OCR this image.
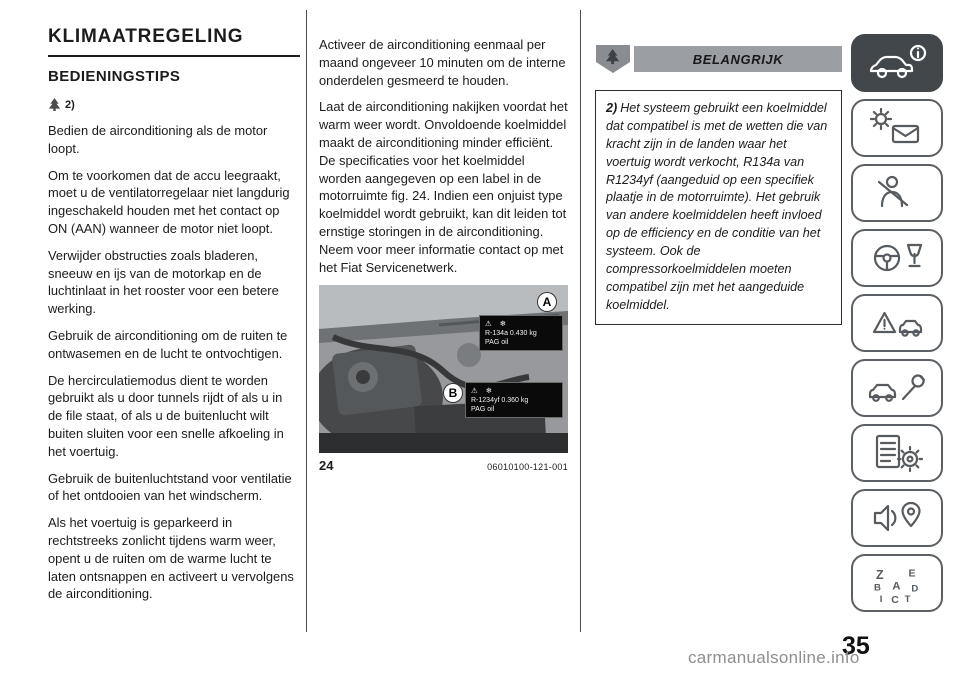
KLIMAATREGELING
BEDIENINGSTIPS
2)

Bedien de airconditioning als de motor loopt.

Om te voorkomen dat de accu leegraakt, moet u de ventilatorregelaar niet langdurig ingeschakeld houden met het contact op ON (AAN) wanneer de motor niet loopt.

Verwijder obstructies zoals bladeren, sneeuw en ijs van de motorkap en de luchtinlaat in het rooster voor een betere werking.

Gebruik de airconditioning om de ruiten te ontwasemen en de lucht te ontvochtigen.

De hercirculatiemodus dient te worden gebruikt als u door tunnels rijdt of als u in de file staat, of als u de buitenlucht wilt buiten sluiten voor een snelle afkoeling in het voertuig.

Gebruik de buitenluchtstand voor ventilatie of het ontdooien van het windscherm.

Als het voertuig is geparkeerd in rechtstreeks zonlicht tijdens warm weer, opent u de ruiten om de warme lucht te laten ontsnappen en activeert u vervolgens de airconditioning.

Activeer de airconditioning eenmaal per maand ongeveer 10 minuten om de interne onderdelen gesmeerd te houden.

Laat de airconditioning nakijken voordat het warm weer wordt. Onvoldoende koelmiddel maakt de airconditioning minder efficiënt. De specificaties voor het koelmiddel worden aangegeven op een label in de motorruimte fig. 24. Indien een onjuist type koelmiddel wordt gebruikt, kan dit leiden tot ernstige storingen in de airconditioning. Neem voor meer informatie contact op met het Fiat Servicenetwerk.

⚠ ❄
R-134a 0.430 kg
PAG oil
⚠ ❄
R-1234yf 0.360 kg
PAG oil
A
B
24	06010100-121-001
BELANGRIJK
2) Het systeem gebruikt een koelmiddel dat compatibel is met de wetten die van kracht zijn in de landen waar het voertuig wordt verkocht, R134a van R1234yf (aangeduid op een specifiek plaatje in de motorruimte). Het gebruik van andere koelmiddelen heeft invloed op de efficiency en de conditie van het systeem. Ook de compressorkoelmiddelen moeten compatibel zijn met het aangeduide koelmiddel.
Z E
B A D
I C T
35
carmanualsonline.info
